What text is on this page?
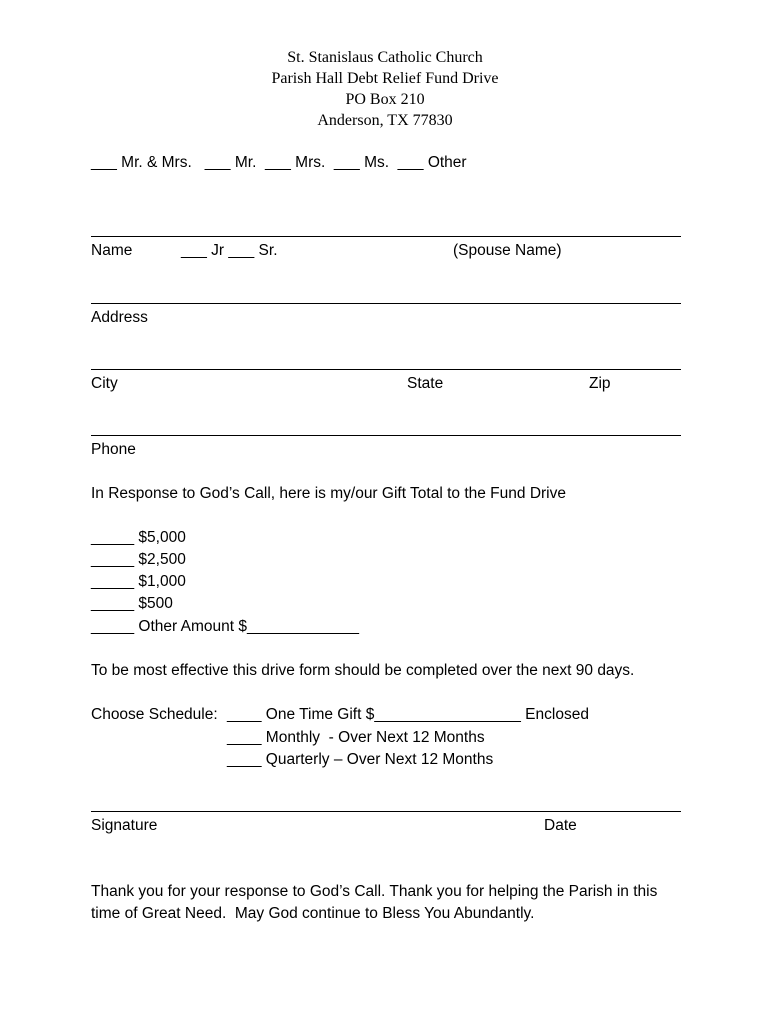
St. Stanislaus Catholic Church
Parish Hall Debt Relief Fund Drive
PO Box 210
Anderson, TX 77830
___ Mr. & Mrs.   ___ Mr.  ___ Mrs.  ___ Ms.  ___ Other
Name	___ Jr ___ Sr.	(Spouse Name)
Address
City	State	Zip
Phone
In Response to God’s Call, here is my/our Gift Total to the Fund Drive
_____ $5,000
_____ $2,500
_____ $1,000
_____ $500
_____ Other Amount $_____________
To be most effective this drive form should be completed over the next 90 days.
Choose Schedule: ____ One Time Gift $_________________ Enclosed
____ Monthly  - Over Next 12 Months
____ Quarterly – Over Next 12 Months
Signature	Date
Thank you for your response to God’s Call. Thank you for helping the Parish in this
time of Great Need.  May God continue to Bless You Abundantly.
